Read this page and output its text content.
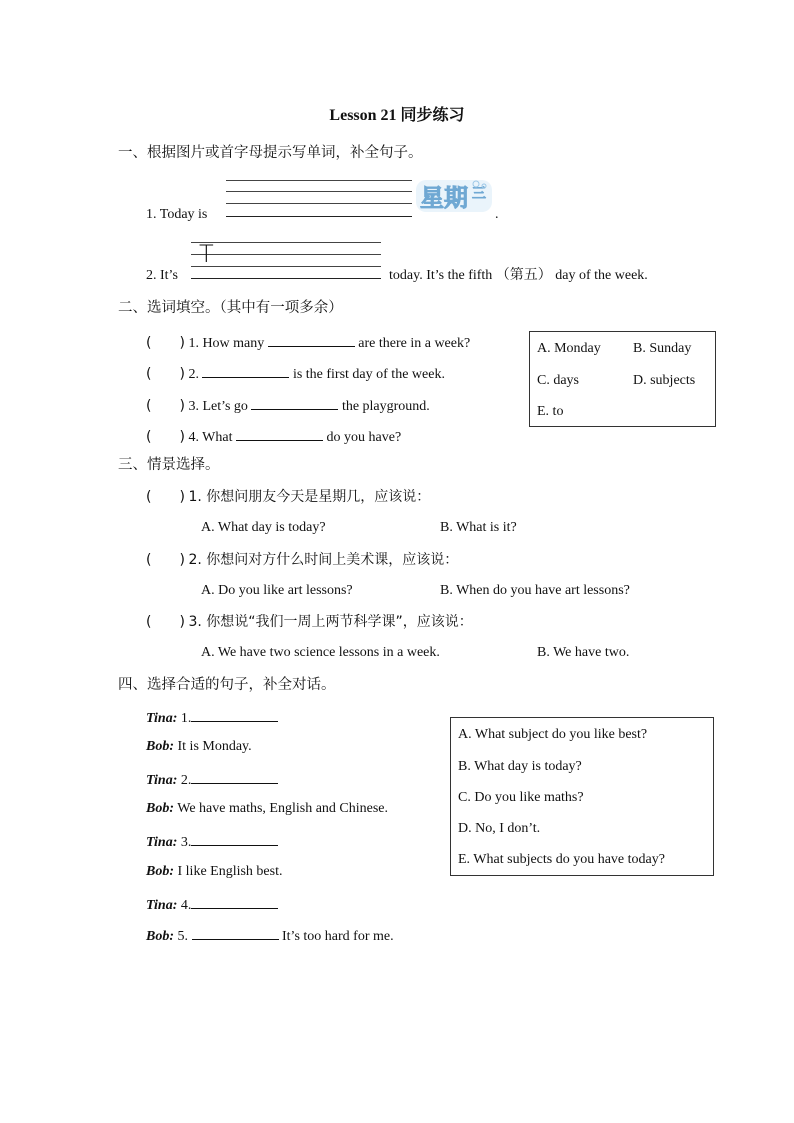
Lesson 21 同步练习
一、根据图片或首字母提示写单词，补全句子。
1. Today is	.
星期 三
T
2. It’s	today. It’s the fifth （第五） day of the week.
二、选词填空。（其中有一项多余）
(　　) 1. How many	are there in a week?
(　　) 2.	is the first day of the week.
(　　) 3. Let’s go	the playground.
(　　) 4. What	do you have?
A. Monday B. Sunday
C. days	D. subjects
E. to
三、情景选择。
(　　) 1. 你想问朋友今天是星期几，应该说：
A. What day is today?	B. What is it?
(　　) 2. 你想问对方什么时间上美术课，应该说：
A. Do you like art lessons?	B. When do you have art lessons?
(　　) 3. 你想说“我们一周上两节科学课”，应该说：
A. We have two science lessons in a week.	B. We have two.
四、选择合适的句子，补全对话。
Tina: 1.
Bob: It is Monday.
Tina: 2.
Bob: We have maths, English and Chinese.
Tina: 3.
Bob: I like English best.
Tina: 4.
Bob: 5.	It’s too hard for me.
A. What subject do you like best?
B. What day is today?
C. Do you like maths?
D. No, I don’t.
E. What subjects do you have today?
